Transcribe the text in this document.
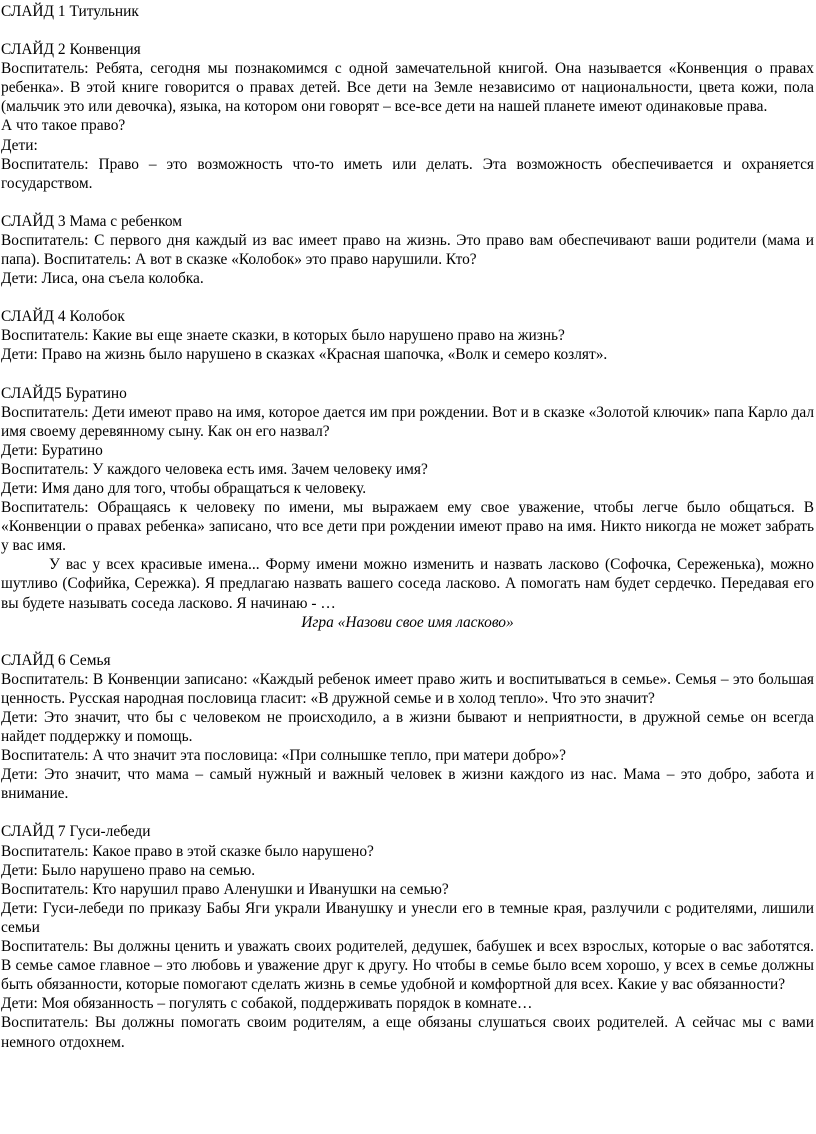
СЛАЙД 1 Титульник
СЛАЙД 2 Конвенция

Воспитатель: Ребята, сегодня мы познакомимся с одной замечательной книгой. Она называется «Конвенция о правах ребенка». В этой книге говорится о правах детей. Все дети на Земле независимо от национальности, цвета кожи, пола (мальчик это или девочка), языка, на котором они говорят – все-все дети на нашей планете имеют одинаковые права.

А что такое право?

Дети:

Воспитатель: Право – это возможность что-то иметь или делать. Эта возможность обеспечивается и охраняется государством.

СЛАЙД 3 Мама с ребенком

Воспитатель: С первого дня каждый из вас имеет право на жизнь. Это право вам обеспечивают ваши родители (мама и папа). Воспитатель: А вот в сказке «Колобок» это право нарушили. Кто?

Дети: Лиса, она съела колобка.

СЛАЙД 4 Колобок

Воспитатель: Какие вы еще знаете сказки, в которых было нарушено право на жизнь?

Дети: Право на жизнь было нарушено в сказках «Красная шапочка, «Волк и семеро козлят».

СЛАЙД5 Буратино

Воспитатель: Дети имеют право на имя, которое дается им при рождении. Вот и в сказке «Золотой ключик» папа Карло дал имя своему деревянному сыну. Как он его назвал?

Дети: Буратино

Воспитатель: У каждого человека есть имя. Зачем человеку имя?

Дети: Имя дано для того, чтобы обращаться к человеку.

Воспитатель: Обращаясь к человеку по имени, мы выражаем ему свое уважение, чтобы легче было общаться. В «Конвенции о правах ребенка» записано, что все дети при рождении имеют право на имя. Никто никогда не может забрать у вас имя.

У вас у всех красивые имена... Форму имени можно изменить и назвать ласково (Софочка, Сереженька), можно шутливо (Софийка, Сережка). Я предлагаю назвать вашего соседа ласково. А помогать нам будет сердечко. Передавая его вы будете называть соседа ласково. Я начинаю - …

Игра «Назови свое имя ласково»

СЛАЙД 6 Семья

Воспитатель: В Конвенции записано: «Каждый ребенок имеет право жить и воспитываться в семье». Семья – это большая ценность. Русская народная пословица гласит: «В дружной семье и в холод тепло». Что это значит?

Дети: Это значит, что бы с человеком не происходило, а в жизни бывают и неприятности, в дружной семье он всегда найдет поддержку и помощь.

Воспитатель: А что значит эта пословица: «При солнышке тепло, при матери добро»?

Дети: Это значит, что мама – самый нужный и важный человек в жизни каждого из нас. Мама – это добро, забота и внимание.

СЛАЙД 7 Гуси-лебеди

Воспитатель: Какое право в этой сказке было нарушено?

Дети: Было нарушено право на семью.

Воспитатель: Кто нарушил право Аленушки и Иванушки на семью?

Дети: Гуси-лебеди по приказу Бабы Яги украли Иванушку и унесли его в темные края, разлучили с родителями, лишили семьи

Воспитатель: Вы должны ценить и уважать своих родителей, дедушек, бабушек и всех взрослых, которые о вас заботятся. В семье самое главное – это любовь и уважение друг к другу. Но чтобы в семье было всем хорошо, у всех в семье должны быть обязанности, которые помогают сделать жизнь в семье удобной и комфортной для всех. Какие у вас обязанности?

Дети: Моя обязанность – погулять с собакой, поддерживать порядок в комнате…

Воспитатель: Вы должны помогать своим родителям, а еще обязаны слушаться своих родителей. А сейчас мы с вами немного отдохнем.
